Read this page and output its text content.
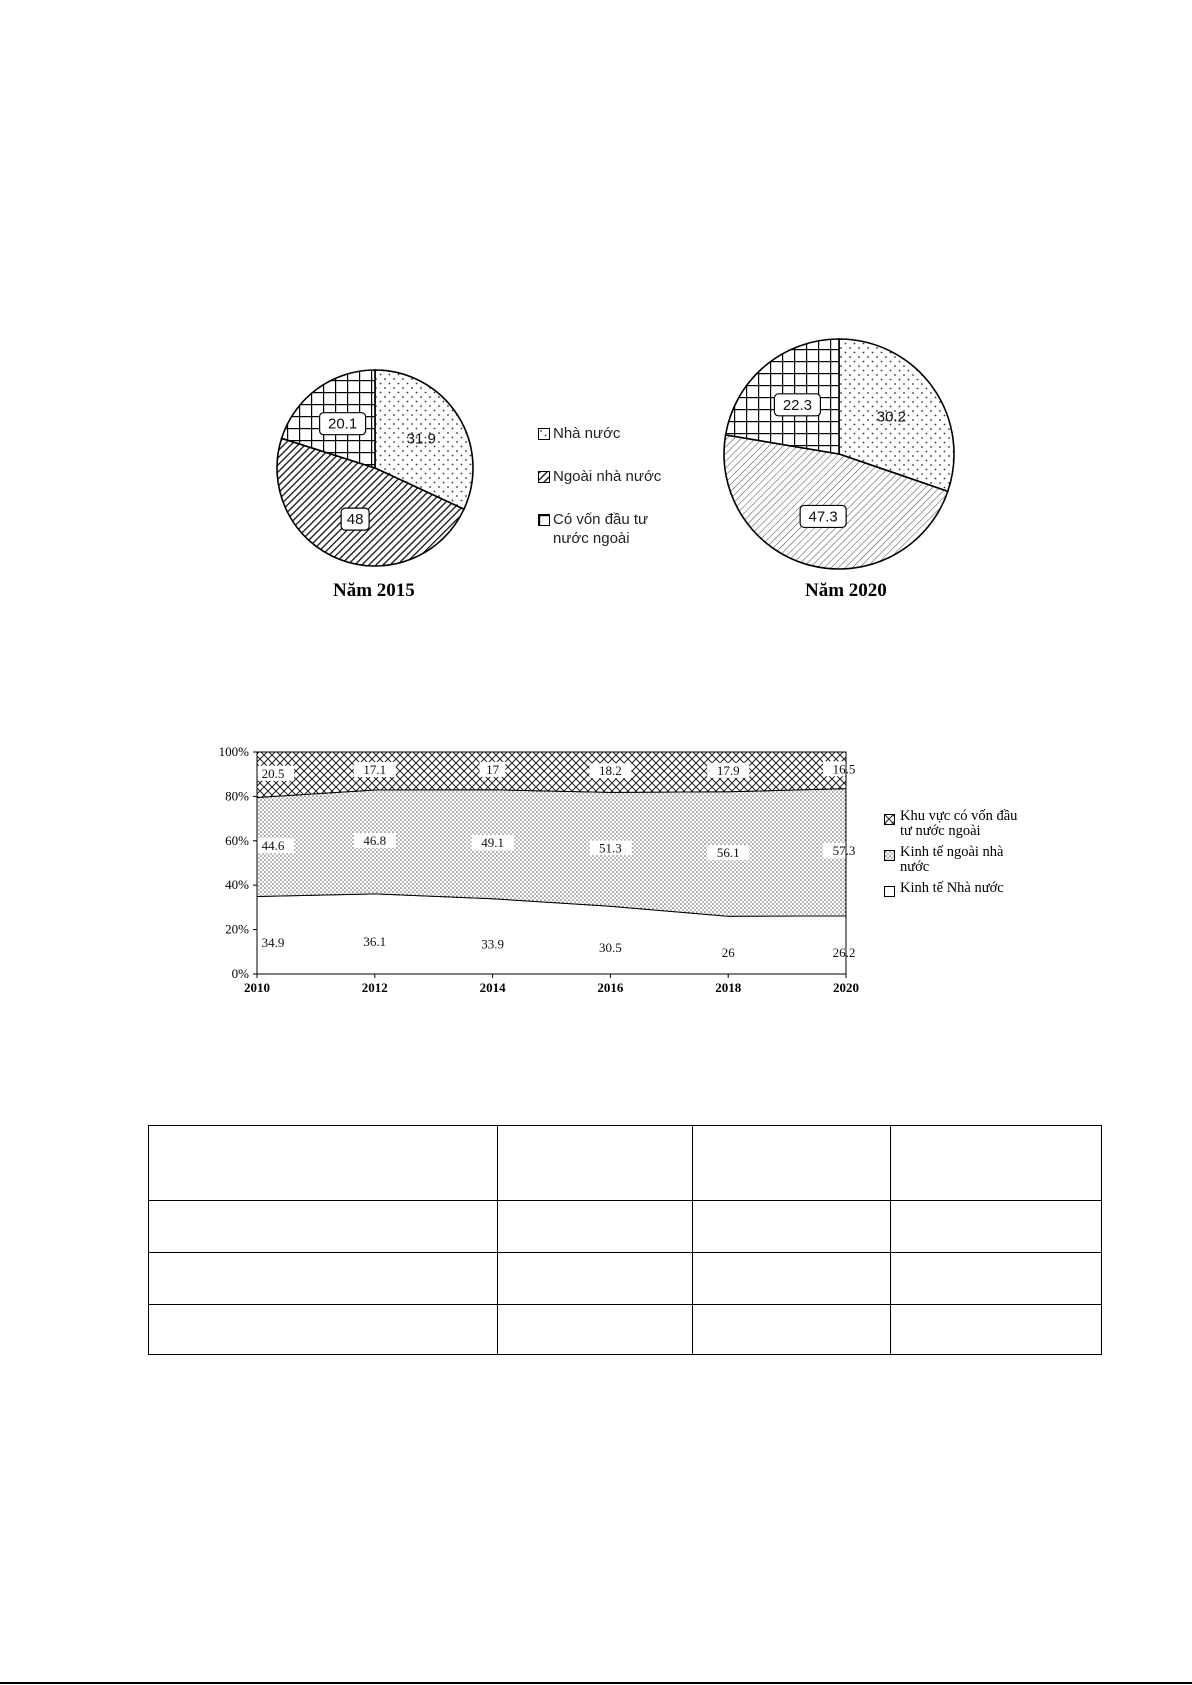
31.9
48
20.1
Năm 2015
Nhà nước
Ngoài nhà nước
Có vốn đầu tư
nước ngoài
30.2
47.3
22.3
Năm 2020
34.9	36.1	33.9	30.5	26	26.2
44.6	46.8	49.1	51.3	56.1	57.3
20.5	17.1	17	18.2	17.9	16.5
0%
20%
40%
60%
80%
100%
2010	2012	2014	2016	2018	2020
Khu vực có vốn đầu
tư nước ngoài
Kinh tế ngoài nhà
nước
Kinh tế Nhà nước
